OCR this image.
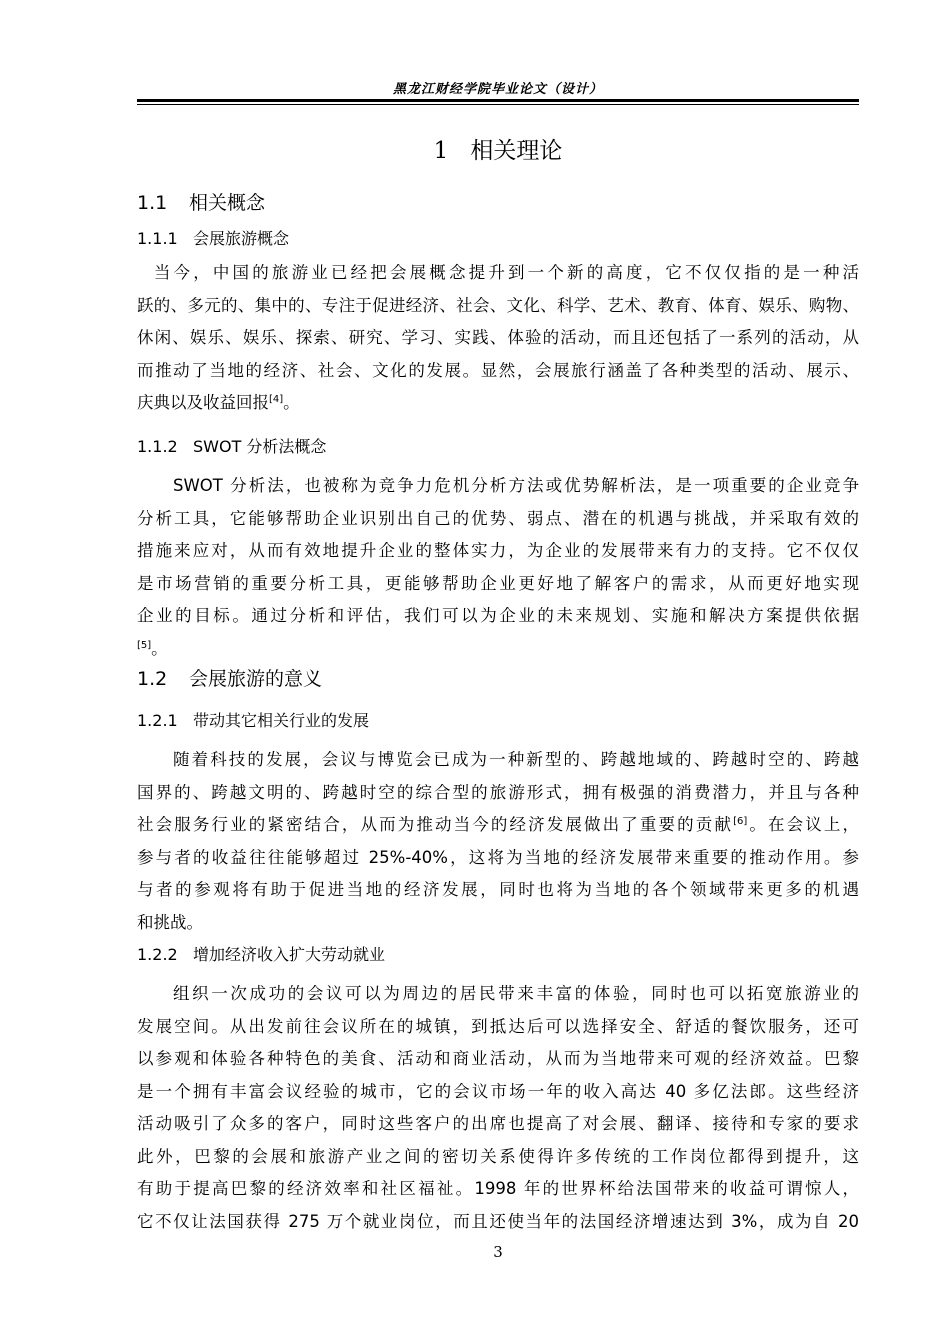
黑龙江财经学院毕业论文（设计）
1 相关理论
1.1 相关概念
1.1.1 会展旅游概念
当今，中国的旅游业已经把会展概念提升到一个新的高度，它不仅仅指的是一种活
跃的、多元的、集中的、专注于促进经济、社会、文化、科学、艺术、教育、体育、娱乐、购物、
休闲、娱乐、娱乐、探索、研究、学习、实践、体验的活动，而且还包括了一系列的活动，从
而推动了当地的经济、社会、文化的发展。显然，会展旅行涵盖了各种类型的活动、展示、
庆典以及收益回报[4]。
1.1.2 SWOT 分析法概念
SWOT 分析法，也被称为竞争力危机分析方法或优势解析法，是一项重要的企业竞争
分析工具，它能够帮助企业识别出自己的优势、弱点、潜在的机遇与挑战，并采取有效的
措施来应对，从而有效地提升企业的整体实力，为企业的发展带来有力的支持。它不仅仅
是市场营销的重要分析工具，更能够帮助企业更好地了解客户的需求，从而更好地实现
企业的目标。通过分析和评估，我们可以为企业的未来规划、实施和解决方案提供依据
[5]。
1.2 会展旅游的意义
1.2.1 带动其它相关行业的发展
随着科技的发展，会议与博览会已成为一种新型的、跨越地域的、跨越时空的、跨越
国界的、跨越文明的、跨越时空的综合型的旅游形式，拥有极强的消费潜力，并且与各种
社会服务行业的紧密结合，从而为推动当今的经济发展做出了重要的贡献[6]。在会议上，
参与者的收益往往能够超过 25%-40%，这将为当地的经济发展带来重要的推动作用。参
与者的参观将有助于促进当地的经济发展，同时也将为当地的各个领域带来更多的机遇
和挑战。
1.2.2 增加经济收入扩大劳动就业
组织一次成功的会议可以为周边的居民带来丰富的体验，同时也可以拓宽旅游业的
发展空间。从出发前往会议所在的城镇，到抵达后可以选择安全、舒适的餐饮服务，还可
以参观和体验各种特色的美食、活动和商业活动，从而为当地带来可观的经济效益。巴黎
是一个拥有丰富会议经验的城市，它的会议市场一年的收入高达 40 多亿法郎。这些经济
活动吸引了众多的客户，同时这些客户的出席也提高了对会展、翻译、接待和专家的要求
此外，巴黎的会展和旅游产业之间的密切关系使得许多传统的工作岗位都得到提升，这
有助于提高巴黎的经济效率和社区福祉。1998 年的世界杯给法国带来的收益可谓惊人，
它不仅让法国获得 275 万个就业岗位，而且还使当年的法国经济增速达到 3%，成为自 20
3
